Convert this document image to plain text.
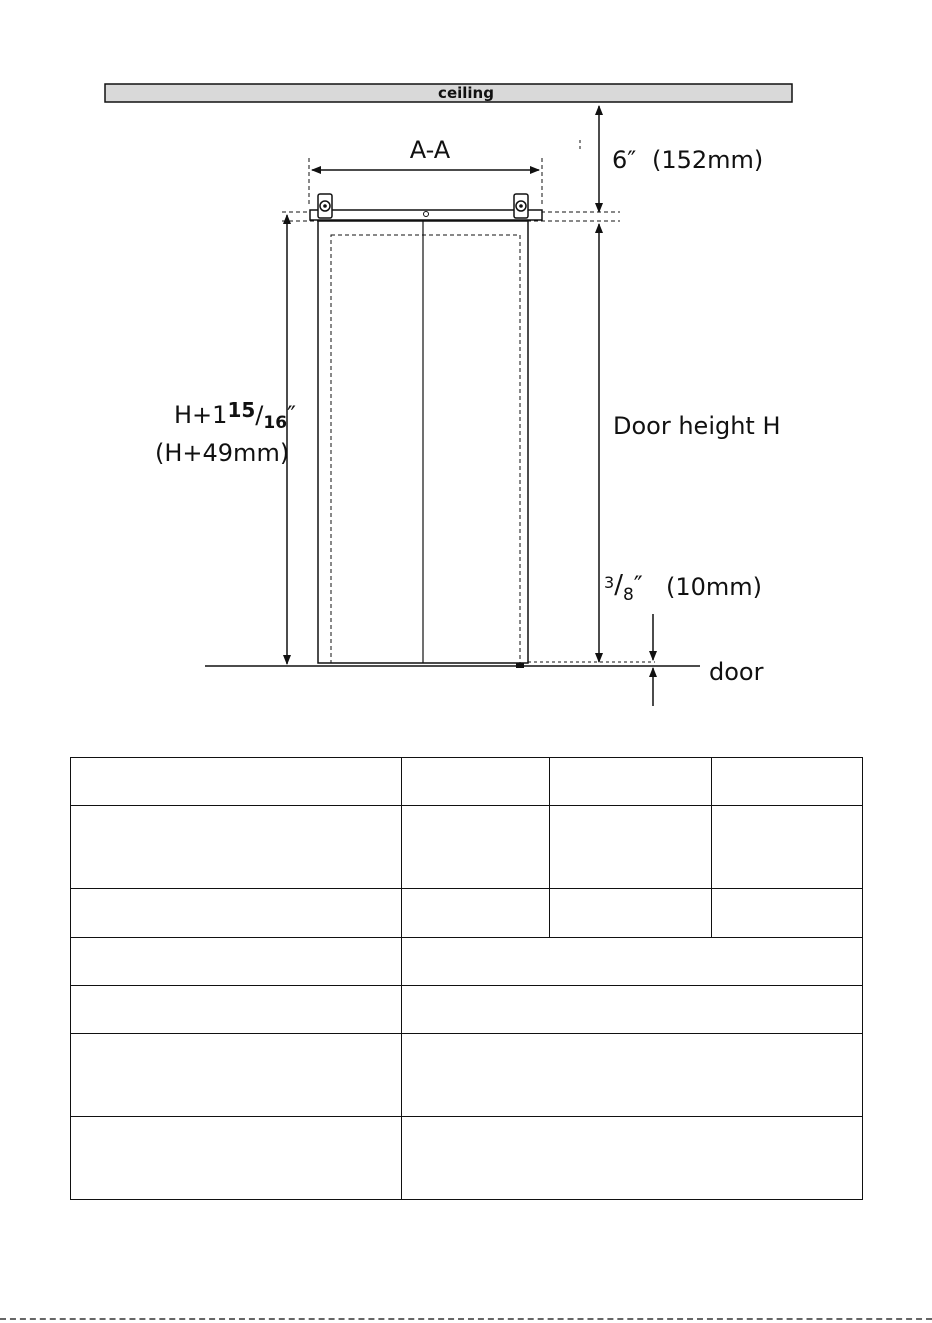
ceiling
A-A	6″ (152mm)
H+115/16″
(H+49mm)
Door height H
3/8″ (10mm)
door
